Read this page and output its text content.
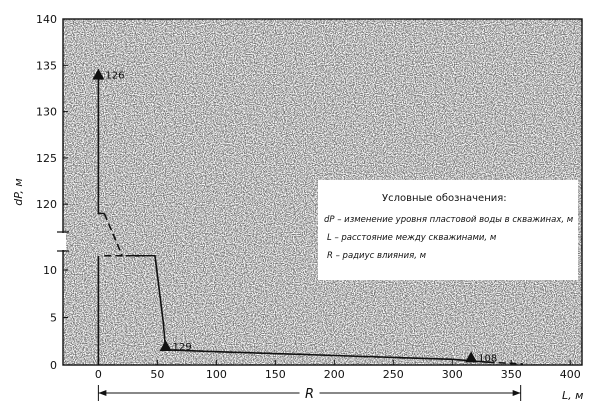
120
125
130
135
140
0
5
10
0	50	100	150	200	250	300	350	400
dP, м
L, м
126
129
108
R
Условные обозначения:
dP – изменение уровня пластовой воды в скважинах, м
L – расстояние между скважинами, м
R – радиус влияния, м
